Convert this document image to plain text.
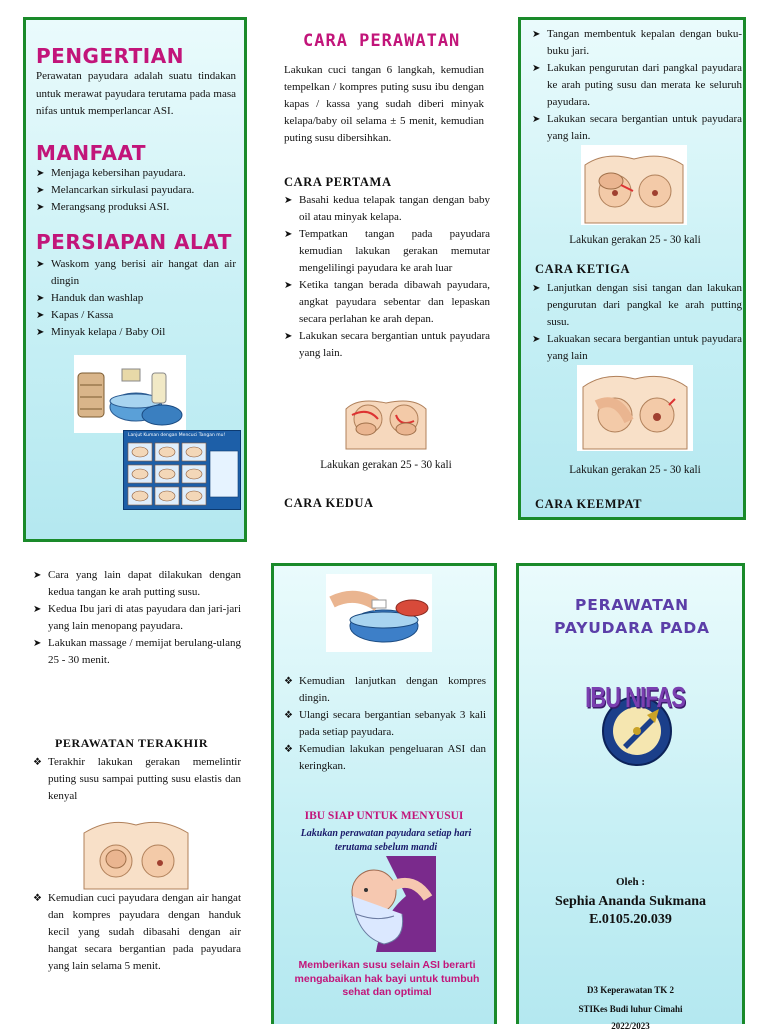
PENGERTIAN
Perawatan payudara adalah suatu tindakan untuk merawat payudara terutama pada masa nifas untuk memperlancar ASI.
MANFAAT
➤ Menjaga kebersihan payudara.
➤ Melancarkan sirkulasi payudara.
➤ Merangsang produksi ASI.
PERSIAPAN ALAT
➤ Waskom yang berisi air hangat dan air dingin
➤ Handuk dan washlap
➤ Kapas / Kassa
➤ Minyak kelapa / Baby Oil
Lanjut Kuman dengan Mencuci Tangan mu!
CARA PERAWATAN
Lakukan cuci tangan 6 langkah, kemudian tempelkan / kompres puting susu ibu dengan kapas / kassa yang sudah diberi minyak kelapa/baby oil selama ± 5 menit, kemudian puting susu dibersihkan.
CARA PERTAMA
➤ Basahi kedua telapak tangan dengan baby oil atau minyak kelapa.
➤ Tempatkan tangan pada payudara kemudian lakukan gerakan memutar mengelilingi payudara ke arah luar
➤ Ketika tangan berada dibawah payudara, angkat payudara sebentar dan lepaskan secara perlahan ke arah depan.
➤ Lakukan secara bergantian untuk payudara yang lain.
Lakukan gerakan 25 - 30 kali
CARA KEDUA
➤ Tangan membentuk kepalan dengan buku-buku jari.
➤ Lakukan pengurutan dari pangkal payudara ke arah puting susu dan merata ke seluruh payudara.
➤ Lakukan secara bergantian untuk payudara yang lain.
Lakukan gerakan 25 - 30 kali
CARA KETIGA
➤ Lanjutkan dengan sisi tangan dan lakukan pengurutan dari pangkal ke arah putting susu.
➤ Lakuakan secara bergantian untuk payudara yang lain
Lakukan gerakan 25 - 30 kali
CARA KEEMPAT
➤ Cara yang lain dapat dilakukan dengan kedua tangan ke arah putting susu.
➤ Kedua Ibu jari di atas payudara dan jari-jari yang lain menopang payudara.
➤ Lakukan massage / memijat berulang-ulang 25 - 30 menit.
PERAWATAN TERAKHIR
❖ Terakhir lakukan gerakan memelintir puting susu sampai putting susu elastis dan kenyal
❖ Kemudian cuci payudara dengan air hangat dan kompres payudara dengan handuk kecil yang sudah dibasahi dengan air hangat secara bergantian pada payudara yang lain selama 5 menit.
❖ Kemudian lanjutkan dengan kompres dingin.
❖ Ulangi secara bergantian sebanyak 3 kali pada setiap payudara.
❖ Kemudian lakukan pengeluaran ASI dan keringkan.
IBU SIAP UNTUK MENYUSUI
Lakukan perawatan payudara setiap hari terutama sebelum mandi
Memberikan susu selain ASI berarti mengabaikan hak bayi untuk tumbuh sehat dan optimal
PERAWATAN PAYUDARA PADA
IBU NIFAS
Oleh :
Sephia Ananda Sukmana
E.0105.20.039
D3 Keperawatan TK 2
STIKes Budi luhur Cimahi
2022/2023
